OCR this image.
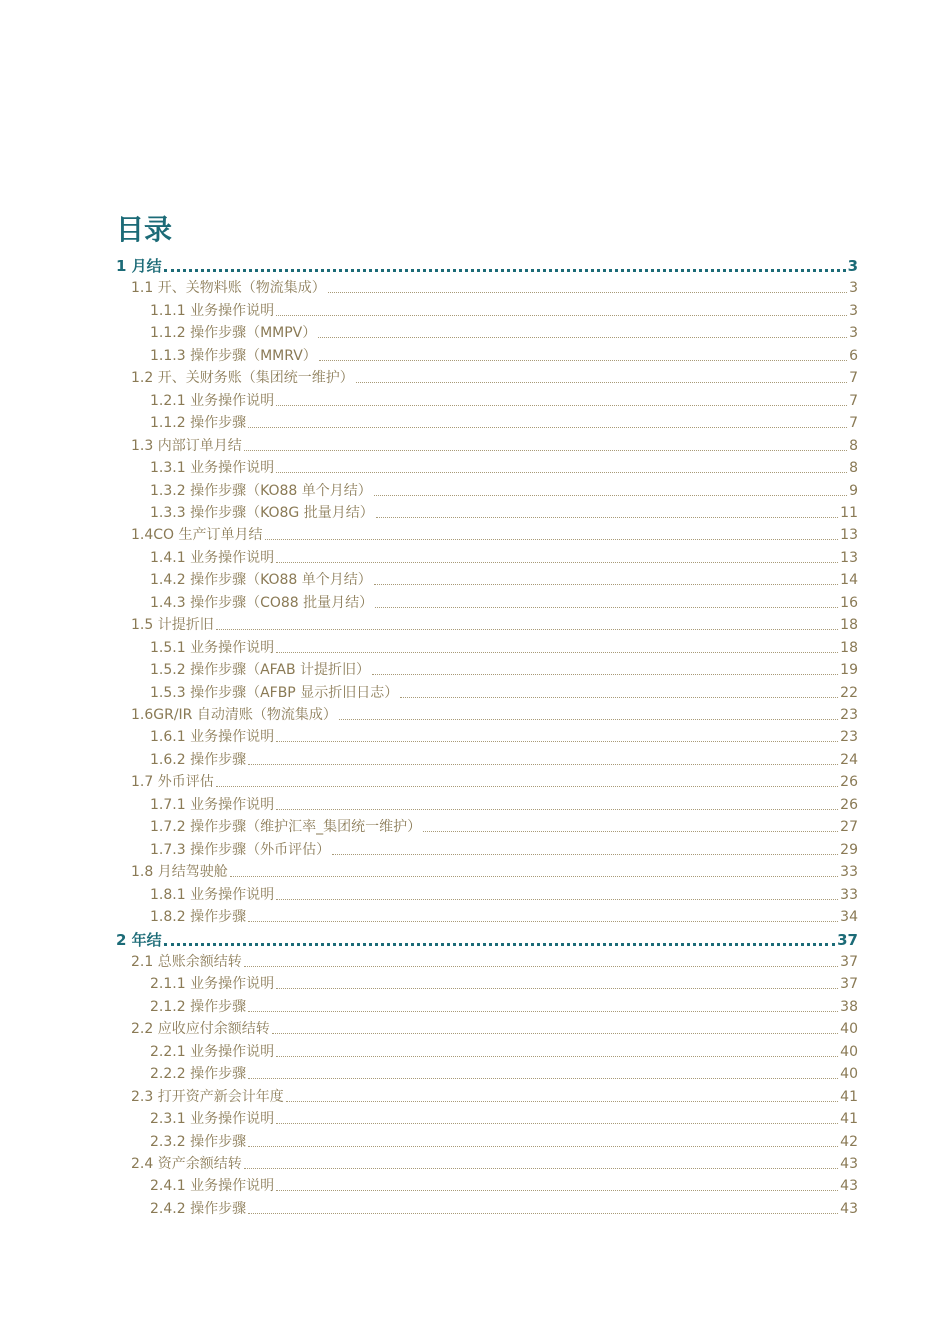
目录
1 月结	3
1.1 开、关物料账（物流集成）	3
1.1.1 业务操作说明	3
1.1.2 操作步骤（MMPV）	3
1.1.3 操作步骤（MMRV）	6
1.2 开、关财务账（集团统一维护）	7
1.2.1 业务操作说明	7
1.1.2 操作步骤	7
1.3 内部订单月结	8
1.3.1 业务操作说明	8
1.3.2 操作步骤（KO88 单个月结）	9
1.3.3 操作步骤（KO8G 批量月结）	11
1.4CO 生产订单月结	13
1.4.1 业务操作说明	13
1.4.2 操作步骤（KO88 单个月结）	14
1.4.3 操作步骤（CO88 批量月结）	16
1.5 计提折旧	18
1.5.1 业务操作说明	18
1.5.2 操作步骤（AFAB 计提折旧）	19
1.5.3 操作步骤（AFBP 显示折旧日志）	22
1.6GR/IR 自动清账（物流集成）	23
1.6.1 业务操作说明	23
1.6.2 操作步骤	24
1.7 外币评估	26
1.7.1 业务操作说明	26
1.7.2 操作步骤（维护汇率_集团统一维护）	27
1.7.3 操作步骤（外币评估）	29
1.8 月结驾驶舱	33
1.8.1 业务操作说明	33
1.8.2 操作步骤	34
2 年结	37
2.1 总账余额结转	37
2.1.1 业务操作说明	37
2.1.2 操作步骤	38
2.2 应收应付余额结转	40
2.2.1 业务操作说明	40
2.2.2 操作步骤	40
2.3 打开资产新会计年度	41
2.3.1 业务操作说明	41
2.3.2 操作步骤	42
2.4 资产余额结转	43
2.4.1 业务操作说明	43
2.4.2 操作步骤	43
